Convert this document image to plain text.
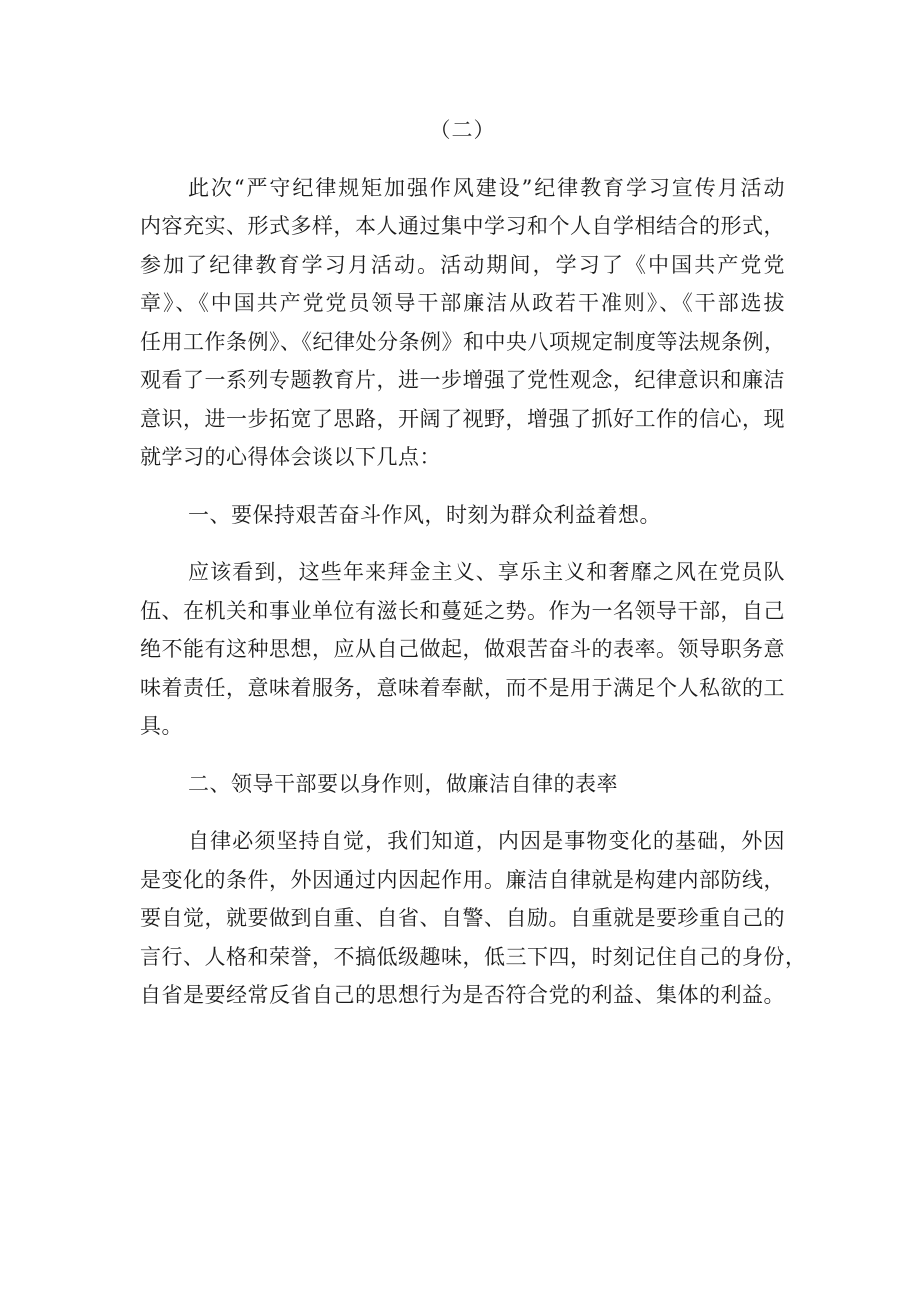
（二）
此次“严守纪律规矩加强作风建设”纪律教育学习宣传月活动
内容充实、形式多样，本人通过集中学习和个人自学相结合的形式，
参加了纪律教育学习月活动。活动期间，学习了《中国共产党党
章》、《中国共产党党员领导干部廉洁从政若干准则》、《干部选拔
任用工作条例》、《纪律处分条例》和中央八项规定制度等法规条例，
观看了一系列专题教育片，进一步增强了党性观念，纪律意识和廉洁
意识，进一步拓宽了思路，开阔了视野，增强了抓好工作的信心，现
就学习的心得体会谈以下几点：
一、要保持艰苦奋斗作风，时刻为群众利益着想。
应该看到，这些年来拜金主义、享乐主义和奢靡之风在党员队
伍、在机关和事业单位有滋长和蔓延之势。作为一名领导干部，自己
绝不能有这种思想，应从自己做起，做艰苦奋斗的表率。领导职务意
味着责任，意味着服务，意味着奉献，而不是用于满足个人私欲的工
具。
二、领导干部要以身作则，做廉洁自律的表率
自律必须坚持自觉，我们知道，内因是事物变化的基础，外因
是变化的条件，外因通过内因起作用。廉洁自律就是构建内部防线，
要自觉，就要做到自重、自省、自警、自励。自重就是要珍重自己的
言行、人格和荣誉，不搞低级趣味，低三下四，时刻记住自己的身份，
自省是要经常反省自己的思想行为是否符合党的利益、集体的利益。
